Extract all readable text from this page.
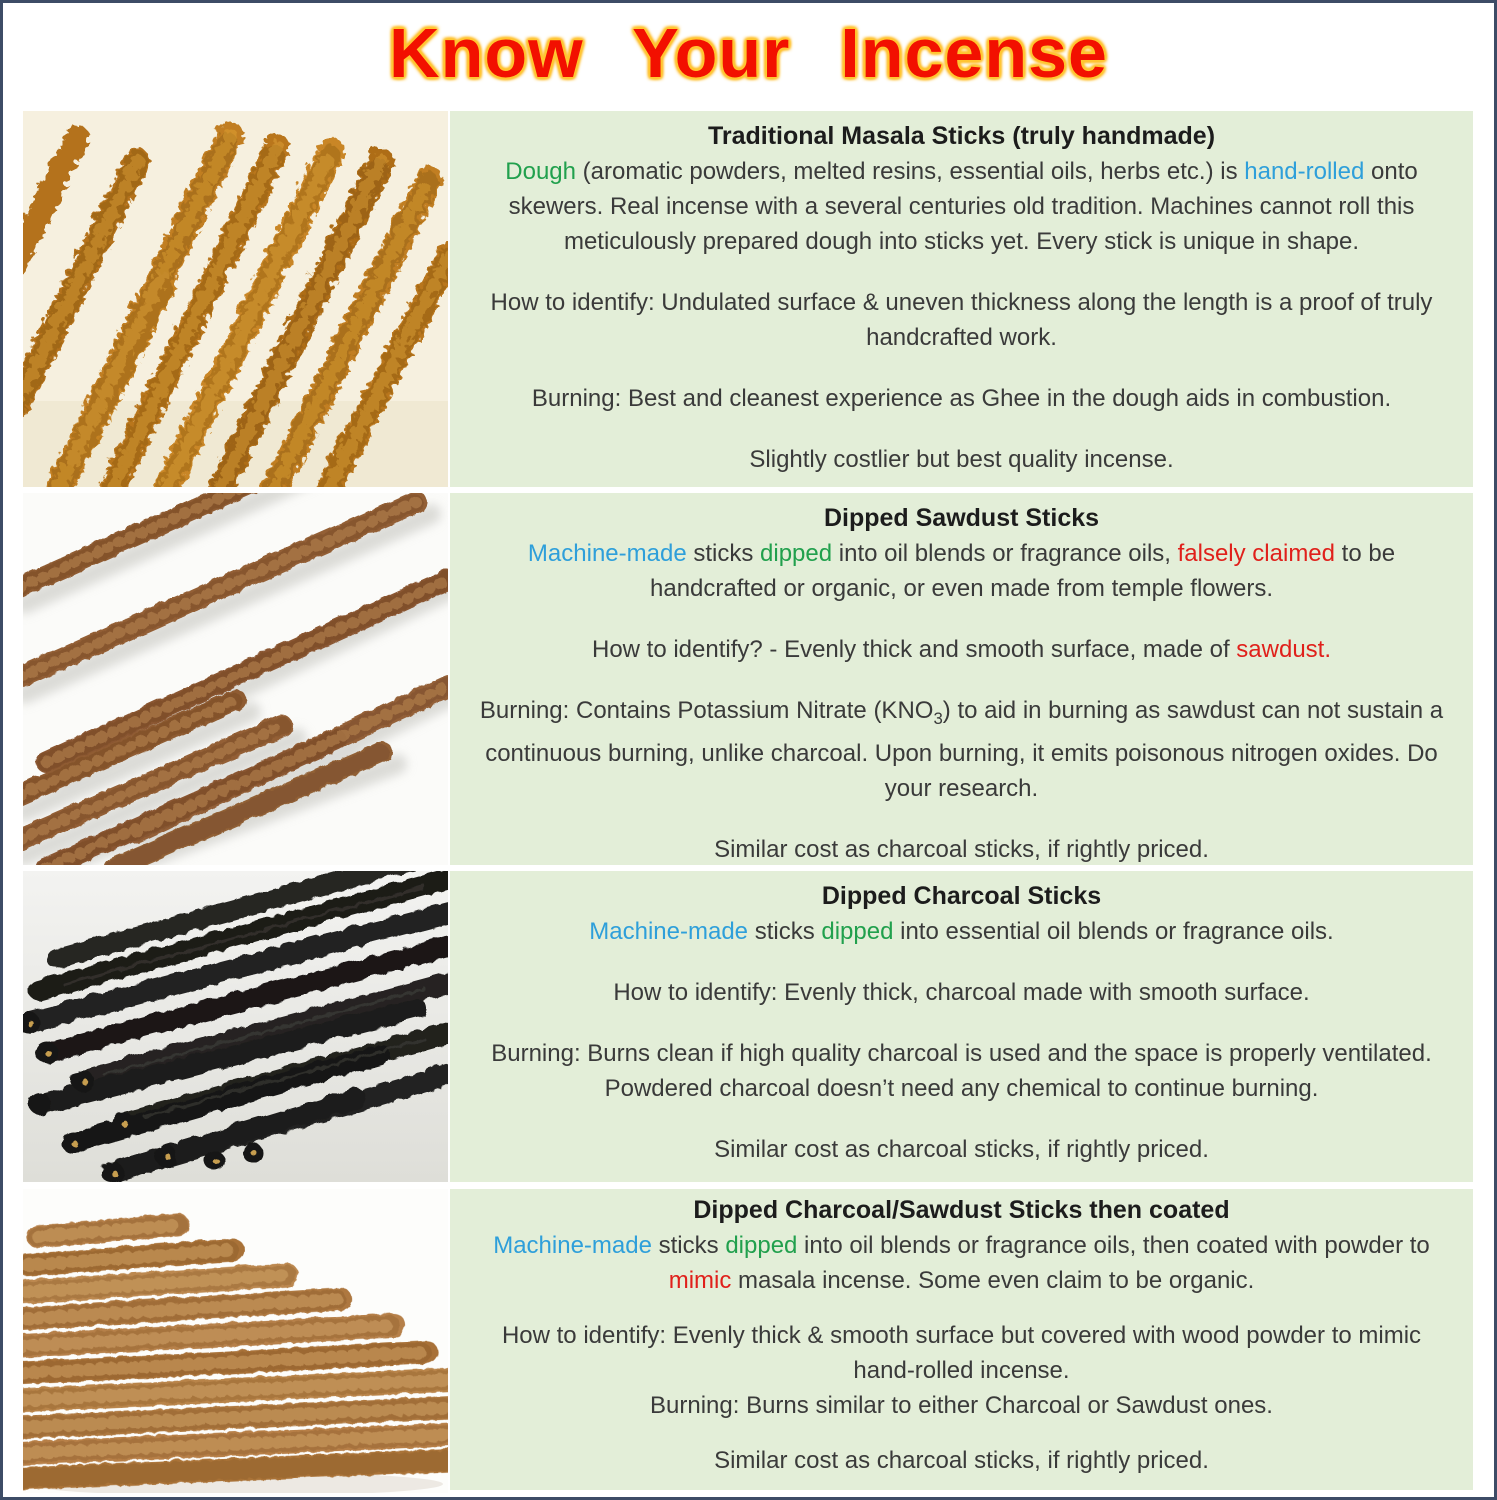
Know Your Incense
Traditional Masala Sticks (truly handmade)

Dough (aromatic powders, melted resins, essential oils, herbs etc.) is hand-rolled onto skewers. Real incense with a several centuries old tradition. Machines cannot roll this meticulously prepared dough into sticks yet. Every stick is unique in shape.

How to identify: Undulated surface & uneven thickness along the length is a proof of truly handcrafted work.

Burning: Best and cleanest experience as Ghee in the dough aids in combustion.

Slightly costlier but best quality incense.

Dipped Sawdust Sticks

Machine-made sticks dipped into oil blends or fragrance oils, falsely claimed to be handcrafted or organic, or even made from temple flowers.

How to identify? - Evenly thick and smooth surface, made of sawdust.

Burning: Contains Potassium Nitrate $(KNO_3)$ to aid in burning as sawdust can not sustain a continuous burning, unlike charcoal. Upon burning, it emits poisonous nitrogen oxides. Do your research.

Similar cost as charcoal sticks, if rightly priced.

Dipped Charcoal Sticks

Machine-made sticks dipped into essential oil blends or fragrance oils.

How to identify: Evenly thick, charcoal made with smooth surface.

Burning: Burns clean if high quality charcoal is used and the space is properly ventilated. Powdered charcoal doesn’t need any chemical to continue burning.

Similar cost as charcoal sticks, if rightly priced.

Dipped Charcoal/Sawdust Sticks then coated

Machine-made sticks dipped into oil blends or fragrance oils, then coated with powder to mimic masala incense. Some even claim to be organic.

How to identify: Evenly thick & smooth surface but covered with wood powder to mimic hand-rolled incense.

Burning: Burns similar to either Charcoal or Sawdust ones.

Similar cost as charcoal sticks, if rightly priced.
